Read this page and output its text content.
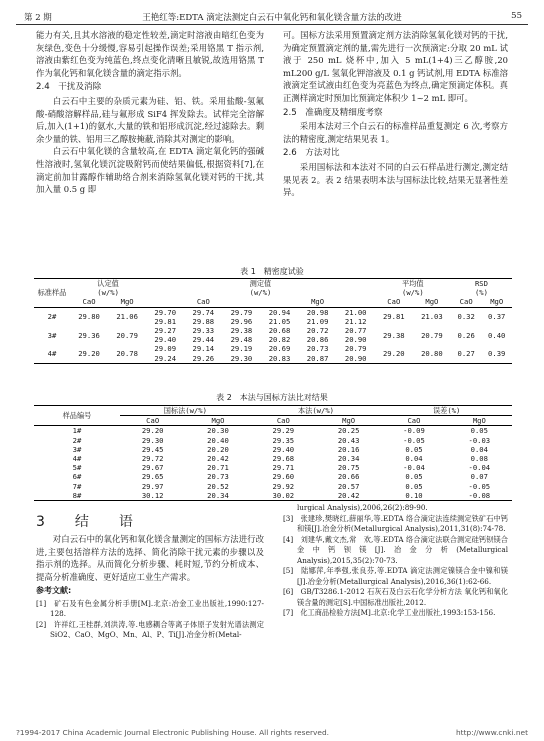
第 2 期	王艳红等:EDTA 滴定法测定白云石中氧化钙和氧化镁含量方法的改进	55

能力有关,且其水溶液的稳定性较差,滴定时溶液由暗红色变为灰绿色,变色十分缓慢,容易引起操作误差;采用铬黑 T 指示剂,溶液由紫红色变为纯蓝色,终点变化清晰且敏锐,故选用铬黑 T 作为氧化钙和氧化镁含量的滴定指示剂。

2.4　干扰及消除

白云石中主要的杂质元素为硅、铝、铁。采用盐酸-氢氟酸-硝酸溶解样品,硅与氟形成 SiF4 挥发除去。试样完全溶解后,加入(1+1)的氨水,大量的铁和铝形成沉淀,经过滤除去。剩余少量的铁、铝用三乙醇胺掩蔽,消除其对测定的影响。

白云石中氧化镁的含量较高,在 EDTA 滴定氧化钙的强碱性溶液时,氢氧化镁沉淀吸附钙而使结果偏低,根据资料[7],在滴定前加甘露醇作辅助络合剂来消除氢氧化镁对钙的干扰,其加入量 0.5 g 即

可。国标方法采用预置滴定剂方法消除氢氧化镁对钙的干扰,为确定预置滴定剂的量,需先进行一次预滴定:分取 20 mL 试液于 250 mL 烧杯中,加入 5 mL(1+4)三乙醇胺,20 mL200 g/L 氢氧化钾溶液及 0.1 g 钙试剂,用 EDTA 标准溶液滴定至试液由红色变为亮蓝色为终点,确定预滴定体积。真正测样滴定时预加比预滴定体积少 1~2 mL 即可。

2.5　准确度及精细度考察

采用本法对三个白云石的标准样品重复测定 6 次,考察方法的精密度,测定结果见表 1。

2.6　方法对比

采用国标法和本法对不同的白云石样品进行测定,测定结果见表 2。表 2 结果表明本法与国标法比较,结果无显著性差异。

表 1　精密度试验
标准样品	认定值		测定值						平均值		RSD	
	(w/%)		(w/%)						(w/%)		(%)	
	CaO	MgO	CaO			MgO			CaO	MgO	CaO	MgO
2#	29.80	21.06	29.70	29.74	29.79	20.94	20.98	21.00	29.81	21.03	0.32	0.37
			29.81	29.88	29.96	21.05	21.09	21.12				
3#	29.36	20.79	29.27	29.33	29.38	20.68	20.72	20.77	29.38	20.79	0.26	0.40
			29.40	29.44	29.48	20.82	20.86	20.90				
4#	29.20	20.78	29.09	29.14	29.19	20.69	20.73	20.79	29.20	20.80	0.27	0.39
			29.24	29.26	29.30	20.83	20.87	20.90				
表 2　本法与国标方法比对结果
样品编号	国标法(w/%)		本法(w/%)		误差(%)	
	CaO	MgO	CaO	MgO	CaO	MgO
1#	29.20	20.30	29.29	20.25	-0.09	0.05
2#	29.30	20.40	29.35	20.43	-0.05	-0.03
3#	29.45	20.20	29.40	20.16	0.05	0.04
4#	29.72	20.42	29.68	20.34	0.04	0.08
5#	29.67	20.71	29.71	20.75	-0.04	-0.04
6#	29.65	20.73	29.60	20.66	0.05	0.07
7#	29.97	20.52	29.92	20.57	0.05	-0.05
8#	30.12	20.34	30.02	20.42	0.10	-0.08
3　结　语

对白云石中的氧化钙和氧化镁含量测定的国标方法进行改进,主要包括溶样方法的选择、简化消除干扰元素的步骤以及指示剂的选择。从而简化分析步骤、耗时短,节约分析成本、提高分析准确度、更好适应工业生产需求。

参考文献:
[1]　矿石及有色金属分析手册[M].北京:冶金工业出版社,1990:127-128.
[2]　许祥红,王桂群,刘洪涛,等.电感耦合等离子体原子发射光谱法测定 SiO2、CaO、MgO、Mn、Al、P、Ti[J].冶金分析(Metal-
lurgical Analysis),2006,26(2):89-90.
[3]　张建珍,樊晓红,薛丽华,等.EDTA 络合滴定法连续测定铁矿石中钙和镁[J].冶金分析(Metallurgical Analysis),2011,31(8):74-78.
[4]　刘建华,戴文杰,常　欢,等.EDTA 络合滴定法联合测定硅钙钡镁合金中钙钡镁[J].冶金分析(Metallurgical Analysis),2015,35(2):70-73.
[5]　陆娜萍,年季强,张良芬,等.EDTA 滴定法测定镍镁合金中镍和镁[J].冶金分析(Metallurgical Analysis),2016,36(1):62-66.
[6]　GB/T3286.1-2012 石灰石及白云石化学分析方法 氧化钙和氧化镁含量的测定[S].中国标准出版社,2012.
[7]　化工商品检验方法[M].北京:化学工业出版社,1993:153-156.
?1994-2017 China Academic Journal Electronic Publishing House. All rights reserved.	http://www.cnki.net
